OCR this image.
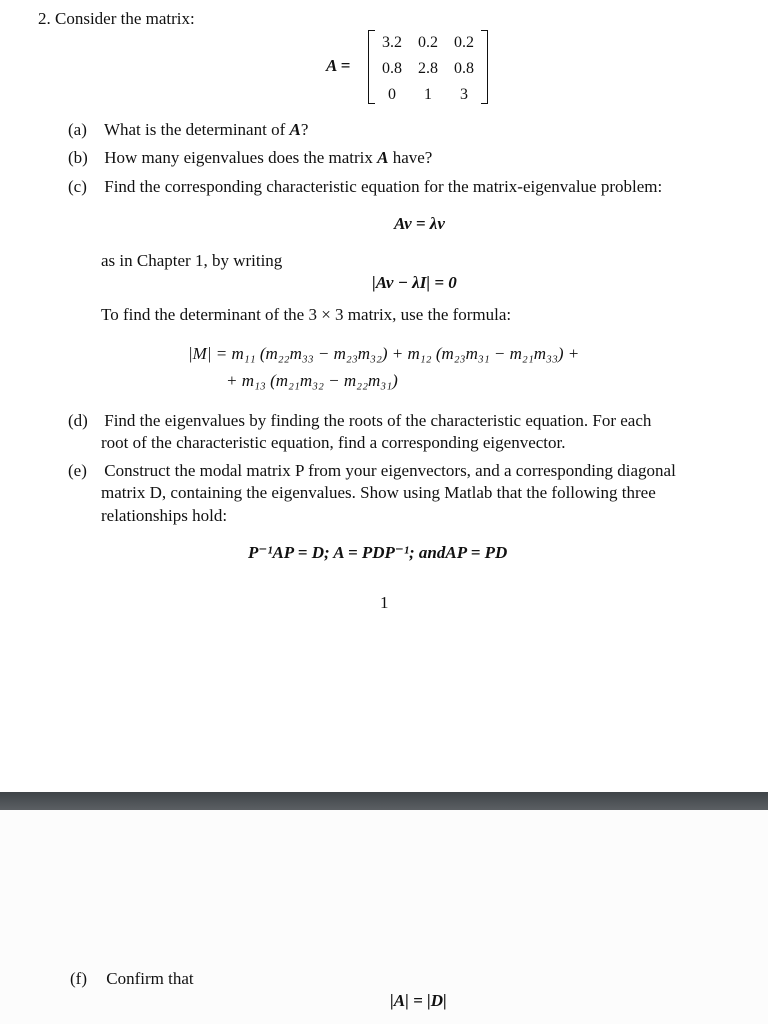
2. Consider the matrix:
A =
3.2	0.2	0.2
0.8	2.8	0.8
0	1	3
(a) What is the determinant of A?
(b) How many eigenvalues does the matrix A have?
(c) Find the corresponding characteristic equation for the matrix-eigenvalue problem:
Av = λv
as in Chapter 1, by writing
|Av − λI| = 0
To find the determinant of the 3 × 3 matrix, use the formula:
|M| = m₁₁ (m₂₂m₃₃ − m₂₃m₃₂) + m₁₂ (m₂₃m₃₁ − m₂₁m₃₃) +
+ m₁₃ (m₂₁m₃₂ − m₂₂m₃₁)
(d) Find the eigenvalues by finding the roots of the characteristic equation. For each
root of the characteristic equation, find a corresponding eigenvector.
(e) Construct the modal matrix P from your eigenvectors, and a corresponding diagonal
matrix D, containing the eigenvalues. Show using Matlab that the following three
relationships hold:
P⁻¹AP = D; A = PDP⁻¹; andAP = PD
1
(f) Confirm that
|A| = |D|
